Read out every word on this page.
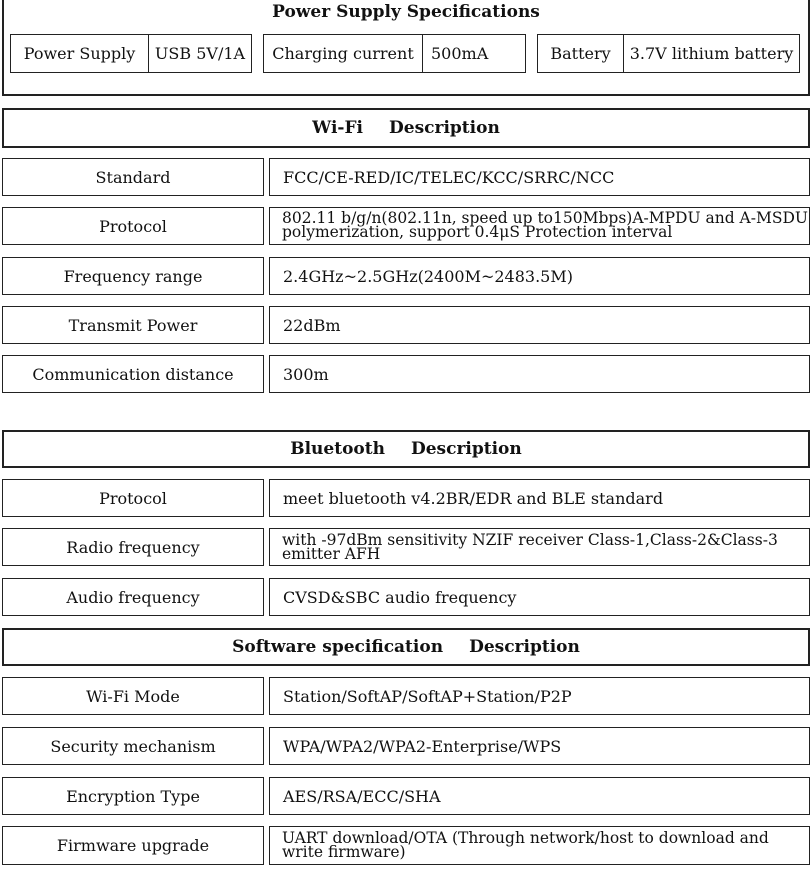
Power Supply Specifications
Power Supply	USB 5V/1A	Charging current	500mA	Battery	3.7V lithium battery
Wi-Fi Description
Standard	FCC/CE-RED/IC/TELEC/KCC/SRRC/NCC
Protocol	802.11 b/g/n(802.11n, speed up to150Mbps)A-MPDU and A-MSDU
polymerization, support 0.4μS Protection interval
Frequency range	2.4GHz~2.5GHz(2400M~2483.5M)
Transmit Power	22dBm
Communication distance	300m
Bluetooth Description
Protocol	meet bluetooth v4.2BR/EDR and BLE standard
Radio frequency	with -97dBm sensitivity NZIF receiver Class-1,Class-2&Class-3
emitter AFH
Audio frequency	CVSD&SBC audio frequency
Software specification Description
Wi-Fi Mode	Station/SoftAP/SoftAP+Station/P2P
Security mechanism	WPA/WPA2/WPA2-Enterprise/WPS
Encryption Type	AES/RSA/ECC/SHA
Firmware upgrade	UART download/OTA (Through network/host to download and
write firmware)
